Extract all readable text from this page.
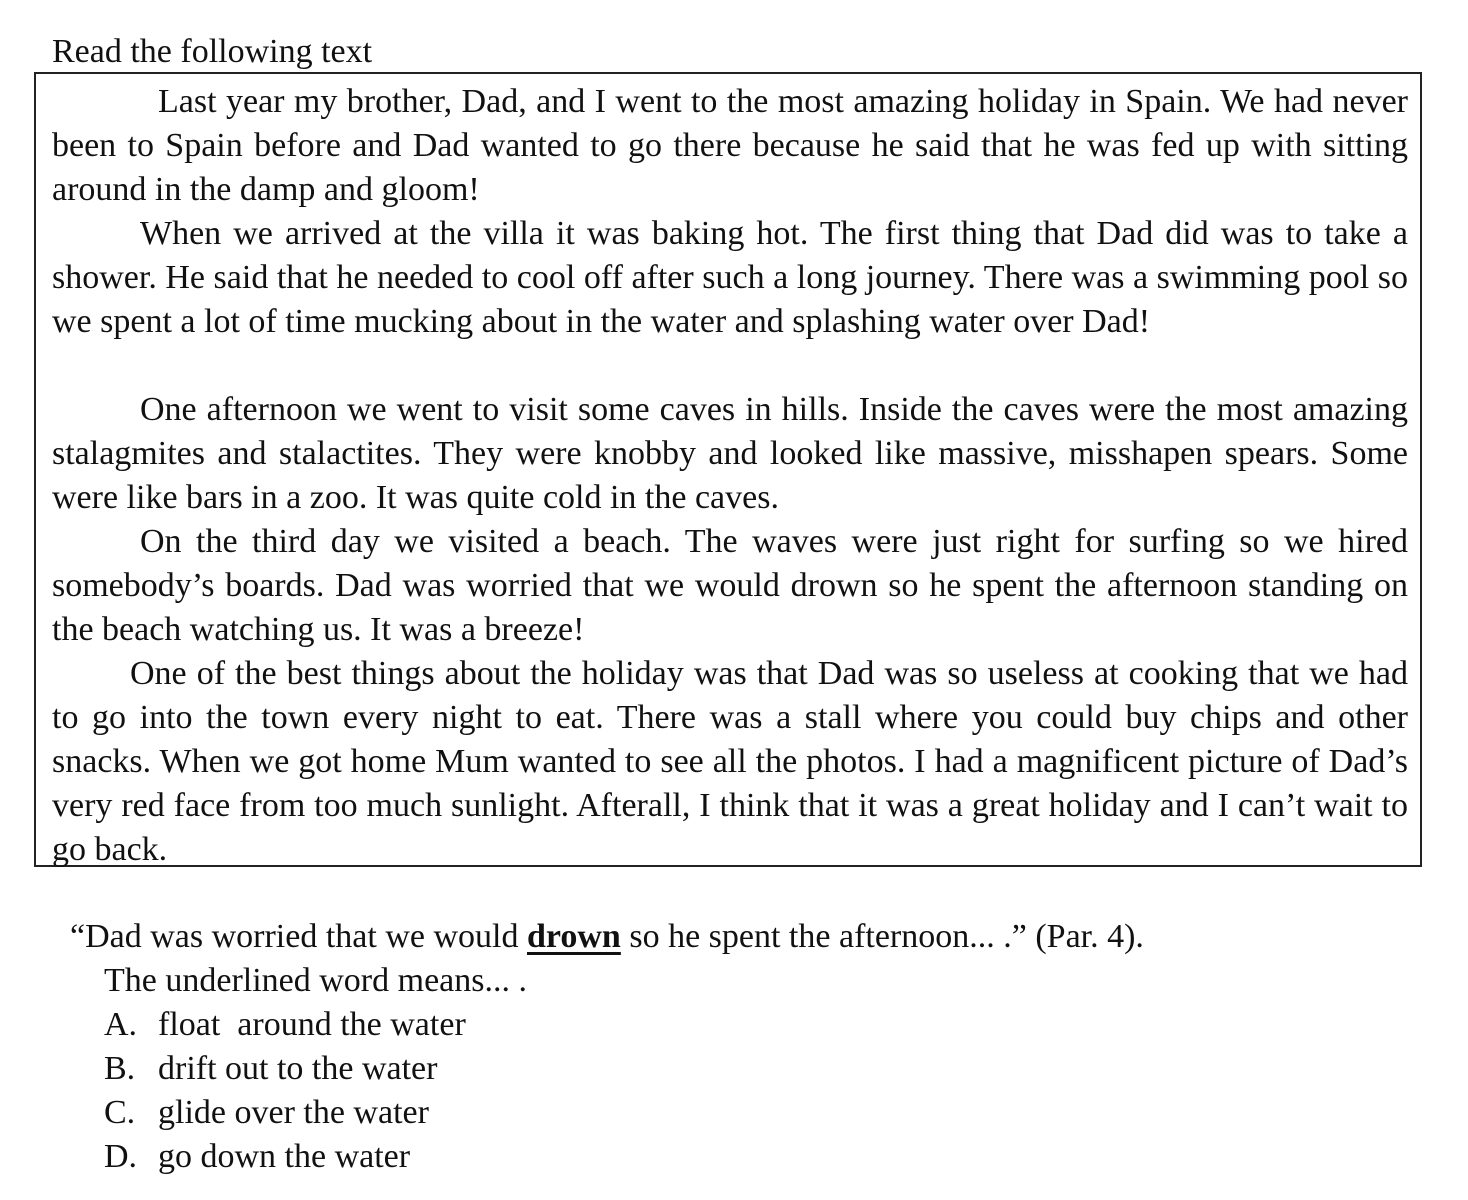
Read the following text

Last year my brother, Dad, and I went to the most amazing holiday in Spain. We had never been to Spain before and Dad wanted to go there because he said that he was fed up with sitting around in the damp and gloom!

When we arrived at the villa it was baking hot. The first thing that Dad did was to take a shower. He said that he needed to cool off after such a long journey. There was a swimming pool so we spent a lot of time mucking about in the water and splashing water over Dad!

One afternoon we went to visit some caves in hills. Inside the caves were the most amazing stalagmites and stalactites. They were knobby and looked like massive, misshapen spears. Some were like bars in a zoo. It was quite cold in the caves.

On the third day we visited a beach. The waves were just right for surfing so we hired somebody’s boards. Dad was worried that we would drown so he spent the afternoon standing on the beach watching us. It was a breeze!

One of the best things about the holiday was that Dad was so useless at cooking that we had to go into the town every night to eat. There was a stall where you could buy chips and other snacks. When we got home Mum wanted to see all the photos. I had a magnificent picture of Dad’s very red face from too much sunlight. Afterall, I think that it was a great holiday and I can’t wait to go back.

“Dad was worried that we would drown so he spent the afternoon... .” (Par. 4).
The underlined word means... .
A. float  around the water
B. drift out to the water
C. glide over the water
D. go down the water
